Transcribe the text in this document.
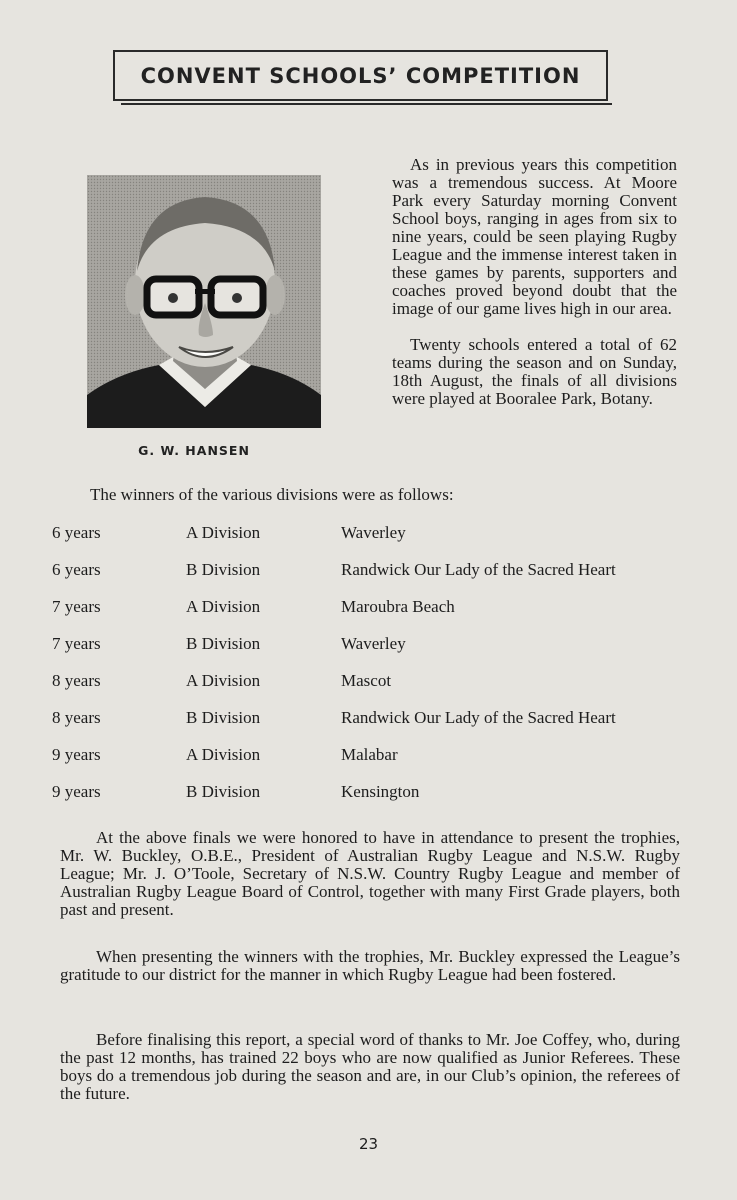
CONVENT SCHOOLS’ COMPETITION
G. W. HANSEN

As in previous years this competition was a tremendous success. At Moore Park every Saturday morning Convent School boys, ranging in ages from six to nine years, could be seen playing Rugby League and the immense interest taken in these games by parents, supporters and coaches proved beyond doubt that the image of our game lives high in our area.

Twenty schools entered a total of 62 teams during the season and on Sunday, 18th August, the finals of all divisions were played at Booralee Park, Botany.

The winners of the various divisions were as follows:
6 years	A Division	Waverley
6 years	B Division	Randwick Our Lady of the Sacred Heart
7 years	A Division	Maroubra Beach
7 years	B Division	Waverley
8 years	A Division	Mascot
8 years	B Division	Randwick Our Lady of the Sacred Heart
9 years	A Division	Malabar
9 years	B Division	Kensington

At the above finals we were honored to have in attendance to present the trophies, Mr. W. Buckley, O.B.E., President of Australian Rugby League and N.S.W. Rugby League; Mr. J. O’Toole, Secretary of N.S.W. Country Rugby League and member of Australian Rugby League Board of Control, together with many First Grade players, both past and present.

When presenting the winners with the trophies, Mr. Buckley expressed the League’s gratitude to our district for the manner in which Rugby League had been fostered.

Before finalising this report, a special word of thanks to Mr. Joe Coffey, who, during the past 12 months, has trained 22 boys who are now qualified as Junior Referees. These boys do a tremendous job during the season and are, in our Club’s opinion, the referees of the future.

23
